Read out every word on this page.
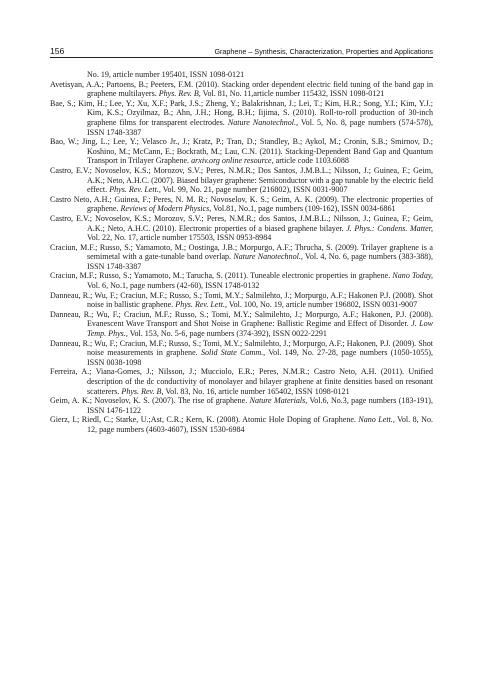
156	Graphene – Synthesis, Characterization, Properties and Applications

No. 19, article number 195401, ISSN 1098-0121

Avetisyan, A.A.; Partoens, B.; Peeters, F.M. (2010). Stacking order dependent electric field tuning of the band gap in graphene multilayers. Phys. Rev. B, Vol. 81, No. 11,article number 115432, ISSN 1098-0121

Bae, S.; Kim, H.; Lee, Y.; Xu, X.F.; Park, J.S.; Zheng, Y.; Balakrishnan, J.; Lei, T.; Kim, H.R.; Song, Y.I.; Kim, Y.J.; Kim, K.S.; Ozyilmaz, B.; Ahn, J.H.; Hong, B.H.; Iijima, S. (2010). Roll-to-roll production of 30-inch graphene films for transparent electrodes. Nature Nanotechnol., Vol. 5, No. 8, page numbers (574-578), ISSN 1748-3387

Bao, W.; Jing, L.; Lee, Y.; Velasco Jr., J.; Kratz, P.; Tran, D.; Standley, B.; Aykol, M.; Cronin, S.B.; Smirnov, D.; Koshino, M.; McCann, E.; Bockrath, M.; Lau, C.N. (2011). Stacking-Dependent Band Gap and Quantum Transport in Trilayer Graphene. arxiv.org online resource, article code 1103.6088

Castro, E.V.; Novoselov, K.S.; Morozov, S.V.; Peres, N.M.R.; Dos Santos, J.M.B.L.; Nilsson, J.; Guinea, F.; Geim, A.K.; Neto, A.H.C. (2007). Biased bilayer graphene: Semiconductor with a gap tunable by the electric field effect. Phys. Rev. Lett., Vol. 99, No. 21, page number (216802), ISSN 0031-9007

Castro Neto, A.H.; Guinea, F.; Peres, N. M. R.; Novoselov, K. S.; Geim, A. K. (2009). The electronic properties of graphene. Reviews of Modern Physics, Vol.81, No.1, page numbers (109-162), ISSN 0034-6861

Castro, E.V.; Novoselov, K.S.; Morozov, S.V.; Peres, N.M.R.; dos Santos, J.M.B.L.; Nilsson, J.; Guinea, F.; Geim, A.K.; Neto, A.H.C. (2010). Electronic properties of a biased graphene bilayer. J. Phys.: Condens. Matter, Vol. 22, No. 17, article number 175503, ISSN 0953-8984

Craciun, M.F.; Russo, S.; Yamamoto, M.; Oostinga, J.B.; Morpurgo, A.F.; Thrucha, S. (2009). Trilayer graphene is a semimetal with a gate-tunable band overlap. Nature Nanotechnol., Vol. 4, No. 6, page numbers (383-388), ISSN 1748-3387

Craciun, M.F.; Russo, S.; Yamamoto, M.; Tarucha, S. (2011). Tuneable electronic properties in graphene. Nano Today, Vol. 6, No.1, page numbers (42-60), ISSN 1748-0132

Danneau, R.; Wu, F.; Craciun, M.F.; Russo, S.; Tomi, M.Y.; Salmilehto, J.; Morpurgo, A.F.; Hakonen P.J. (2008). Shot noise in ballistic graphene. Phys. Rev. Lett., Vol. 100, No. 19, article number 196802, ISSN 0031-9007

Danneau, R.; Wu, F.; Craciun, M.F.; Russo, S.; Tomi, M.Y.; Salmilehto, J.; Morpurgo, A.F.; Hakonen, P.J. (2008). Evanescent Wave Transport and Shot Noise in Graphene: Ballistic Regime and Effect of Disorder. J. Low Temp. Phys., Vol. 153, No. 5-6, page numbers (374-392), ISSN 0022-2291

Danneau, R.; Wu, F.; Craciun, M.F.; Russo, S.; Tomi, M.Y.; Salmilehto, J.; Morpurgo, A.F.; Hakonen, P.J. (2009). Shot noise measurements in graphene. Solid State Comm., Vol. 149, No. 27-28, page numbers (1050-1055), ISSN 0038-1098

Ferreira, A.; Viana-Gomes, J.; Nilsson, J.; Mucciolo, E.R.; Peres, N.M.R.; Castro Neto, A.H. (2011). Unified description of the dc conductivity of monolayer and bilayer graphene at finite densities based on resonant scatterers. Phys. Rev. B, Vol. 83, No. 16, article number 165402, ISSN 1098-0121

Geim, A. K.; Novoselov, K. S. (2007). The rise of graphene. Nature Materials, Vol.6, No.3, page numbers (183-191), ISSN 1476-1122

Gierz, I.; Riedl, C.; Starke, U.;Ast, C.R.; Kern, K. (2008). Atomic Hole Doping of Graphene. Nano Lett., Vol. 8, No. 12, page numbers (4603-4607), ISSN 1530-6984
